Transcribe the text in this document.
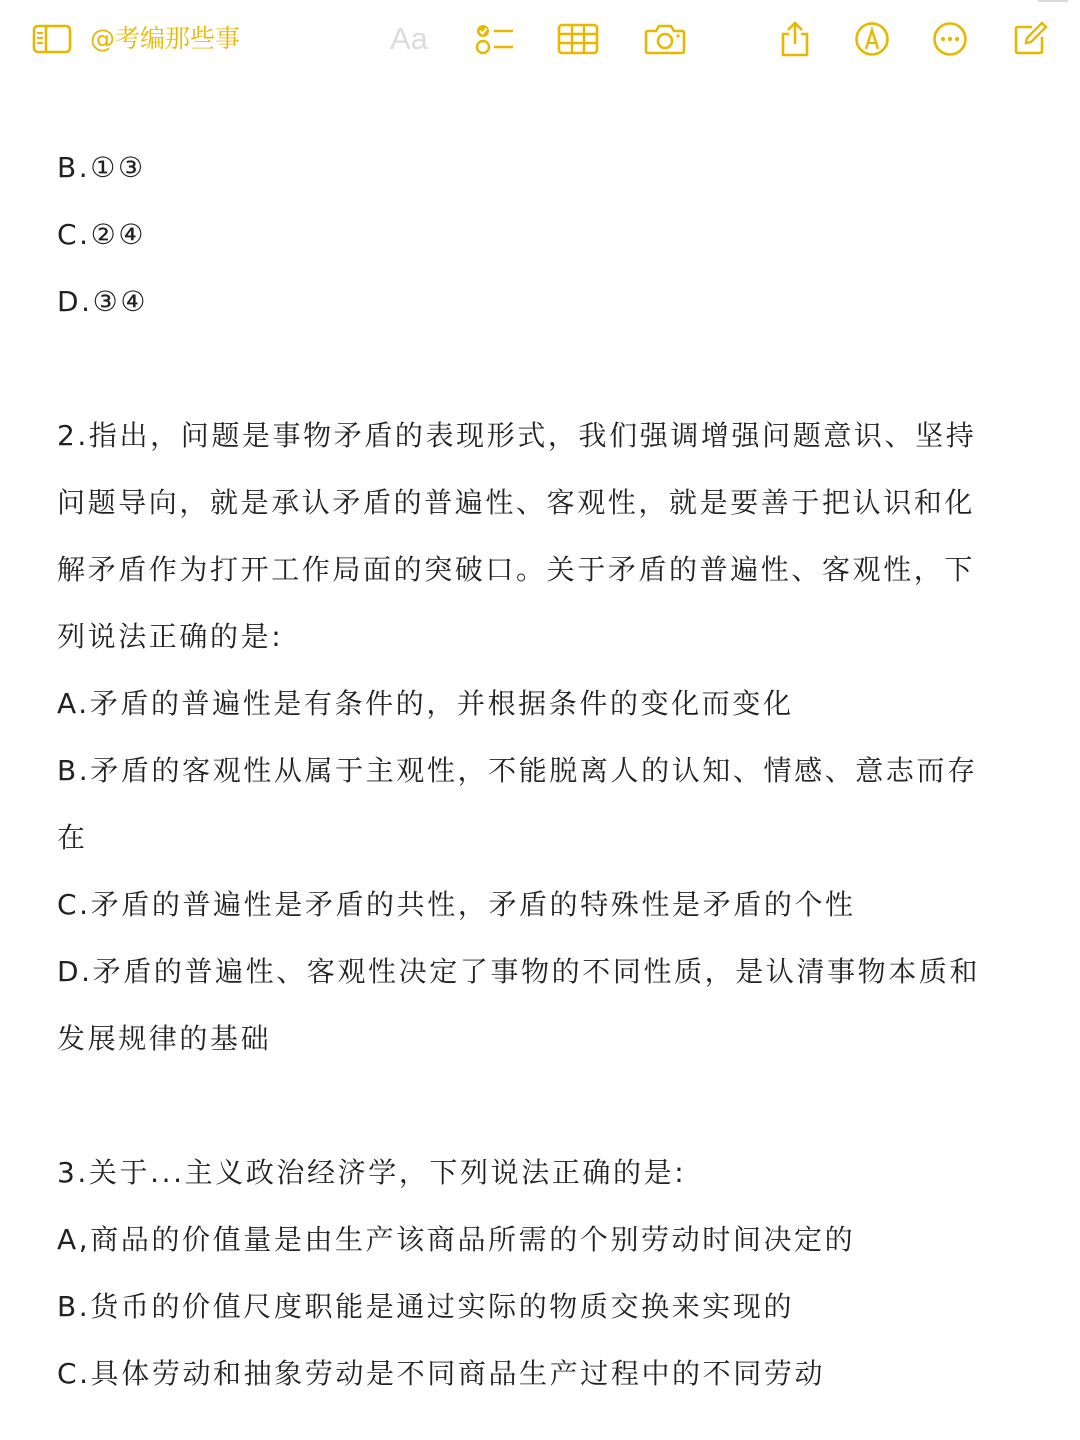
@考编那些事	Aa
B.①③
C.②④
D.③④
2.指出，问题是事物矛盾的表现形式，我们强调增强问题意识、坚持
问题导向，就是承认矛盾的普遍性、客观性，就是要善于把认识和化
解矛盾作为打开工作局面的突破口。关于矛盾的普遍性、客观性，下
列说法正确的是:
A.矛盾的普遍性是有条件的，并根据条件的变化而变化
B.矛盾的客观性从属于主观性，不能脱离人的认知、情感、意志而存
在
C.矛盾的普遍性是矛盾的共性，矛盾的特殊性是矛盾的个性
D.矛盾的普遍性、客观性决定了事物的不同性质，是认清事物本质和
发展规律的基础
3.关于...主义政治经济学，下列说法正确的是:
A,商品的价值量是由生产该商品所需的个别劳动时间决定的
B.货币的价值尺度职能是通过实际的物质交换来实现的
C.具体劳动和抽象劳动是不同商品生产过程中的不同劳动
